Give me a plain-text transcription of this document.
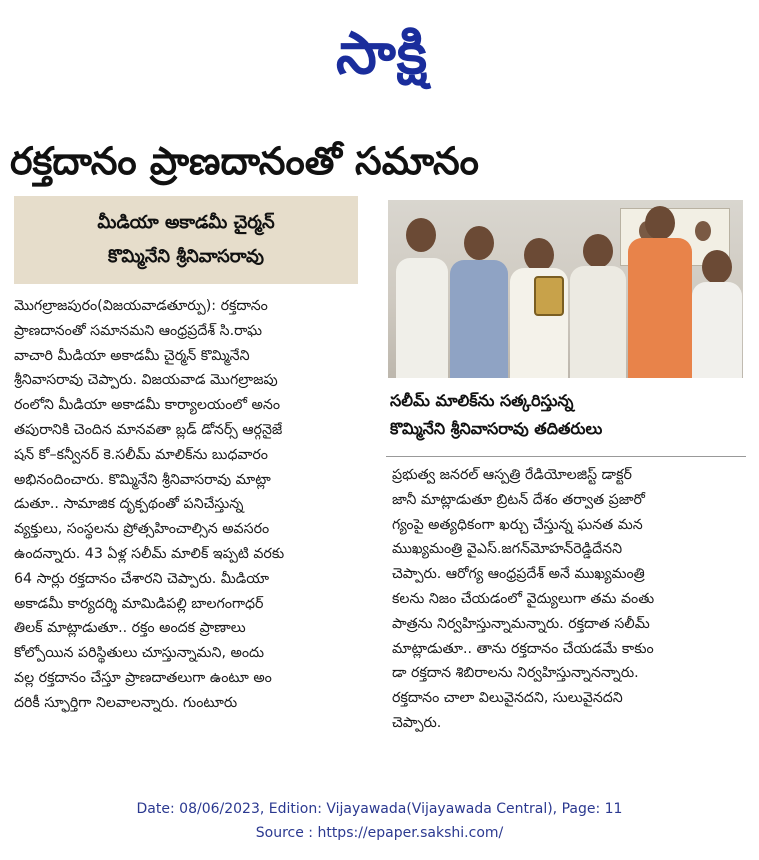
సాక్షి
రక్తదానం ప్రాణదానంతో సమానం
మీడియా అకాడమీ చైర్మన్
కొమ్మినేని శ్రీనివాసరావు
మొగల్రాజపురం(విజయవాడతూర్పు): రక్తదానం
ప్రాణదానంతో సమానమని ఆంధ్రప్రదేశ్ సి.రాఘ
వాచారి మీడియా అకాడమీ చైర్మన్ కొమ్మినేని
శ్రీనివాసరావు చెప్పారు. విజయవాడ మొగల్రాజపు
రంలోని మీడియా అకాడమీ కార్యాలయంలో అనం
తపురానికి చెందిన మానవతా బ్లడ్ డోనర్స్ ఆర్గనైజే
షన్ కో–కన్వీనర్ కె.సలీమ్ మాలిక్‌ను బుధవారం
అభినందించారు. కొమ్మినేని శ్రీనివాసరావు మాట్లా
డుతూ.. సామాజిక దృక్పథంతో పనిచేస్తున్న
వ్యక్తులు, సంస్థలను ప్రోత్సహించాల్సిన అవసరం
ఉందన్నారు. 43 ఏళ్ల సలీమ్ మాలిక్ ఇప్పటి వరకు
64 సార్లు రక్తదానం చేశారని చెప్పారు. మీడియా
అకాడమీ కార్యదర్శి మామిడిపల్లి బాలగంగాధర్
తిలక్ మాట్లాడుతూ.. రక్తం అందక ప్రాణాలు
కోల్పోయిన పరిస్థితులు చూస్తున్నామని, అందు
వల్ల రక్తదానం చేస్తూ ప్రాణదాతలుగా ఉంటూ అం
దరికీ స్ఫూర్తిగా నిలవాలన్నారు. గుంటూరు
సలీమ్ మాలిక్‌ను సత్కరిస్తున్న
కొమ్మినేని శ్రీనివాసరావు తదితరులు
ప్రభుత్వ జనరల్ ఆస్పత్రి రేడియోలజిస్ట్ డాక్టర్
జానీ మాట్లాడుతూ బ్రిటన్ దేశం తర్వాత ప్రజారో
గ్యంపై అత్యధికంగా ఖర్చు చేస్తున్న ఘనత మన
ముఖ్యమంత్రి వైఎస్.జగన్‌మోహన్‌రెడ్డిదేనని
చెప్పారు. ఆరోగ్య ఆంధ్రప్రదేశ్ అనే ముఖ్యమంత్రి
కలను నిజం చేయడంలో వైద్యులుగా తమ వంతు
పాత్రను నిర్వహిస్తున్నామన్నారు. రక్తదాత సలీమ్
మాట్లాడుతూ.. తాను రక్తదానం చేయడమే కాకుం
డా రక్తదాన శిబిరాలను నిర్వహిస్తున్నానన్నారు.
రక్తదానం చాలా విలువైనదని, సులువైనదని
చెప్పారు.
Date: 08/06/2023, Edition: Vijayawada(Vijayawada Central), Page: 11
Source : https://epaper.sakshi.com/
